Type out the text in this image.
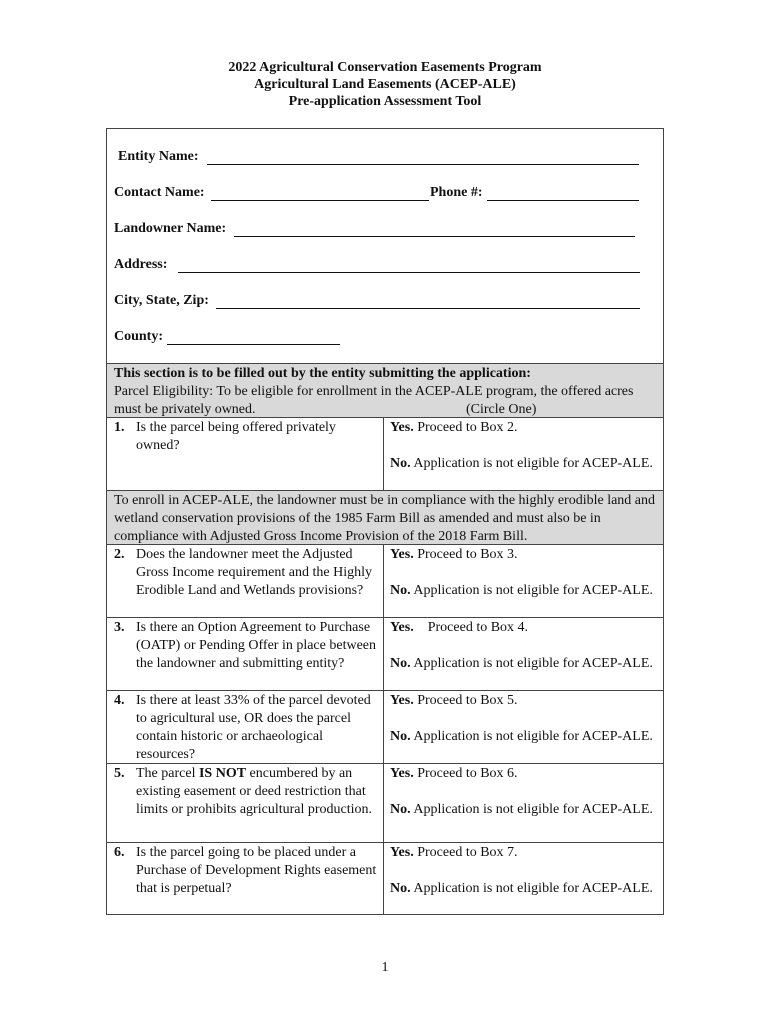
2022 Agricultural Conservation Easements Program
Agricultural Land Easements (ACEP-ALE)
Pre-application Assessment Tool
Entity Name:
Contact Name:	Phone #:
Landowner Name:
Address:
City, State, Zip:
County:
This section is to be filled out by the entity submitting the application:
Parcel Eligibility: To be eligible for enrollment in the ACEP-ALE program, the offered acres must be privately owned.	(Circle One)
1. Is the parcel being offered privately owned?
Yes. Proceed to Box 2.
No. Application is not eligible for ACEP-ALE.
To enroll in ACEP-ALE, the landowner must be in compliance with the highly erodible land and wetland conservation provisions of the 1985 Farm Bill as amended and must also be in compliance with Adjusted Gross Income Provision of the 2018 Farm Bill.
2. Does the landowner meet the Adjusted Gross Income requirement and the Highly Erodible Land and Wetlands provisions?
Yes. Proceed to Box 3.
No. Application is not eligible for ACEP-ALE.
3. Is there an Option Agreement to Purchase (OATP) or Pending Offer in place between the landowner and submitting entity?
Yes. Proceed to Box 4.
No. Application is not eligible for ACEP-ALE.
4. Is there at least 33% of the parcel devoted to agricultural use, OR does the parcel contain historic or archaeological resources?
Yes. Proceed to Box 5.
No. Application is not eligible for ACEP-ALE.
5. The parcel IS NOT encumbered by an existing easement or deed restriction that limits or prohibits agricultural production.
Yes. Proceed to Box 6.
No. Application is not eligible for ACEP-ALE.
6. Is the parcel going to be placed under a Purchase of Development Rights easement that is perpetual?
Yes. Proceed to Box 7.
No. Application is not eligible for ACEP-ALE.
1
